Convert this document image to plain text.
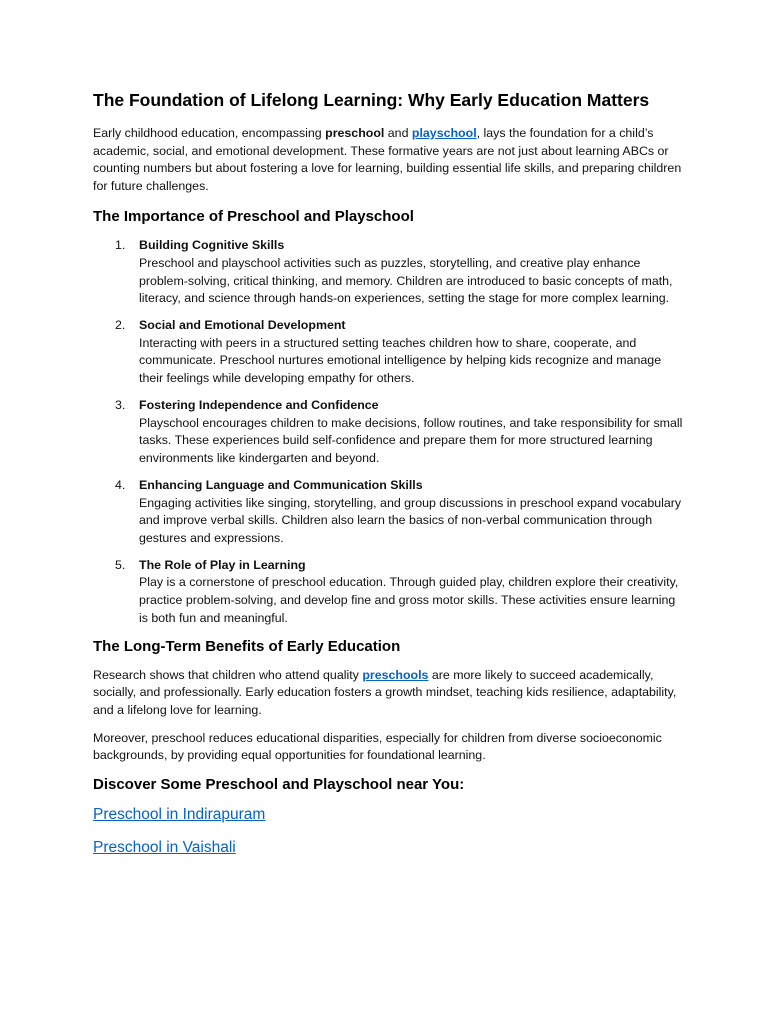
The Foundation of Lifelong Learning: Why Early Education Matters

Early childhood education, encompassing preschool and playschool, lays the foundation for a child’s academic, social, and emotional development. These formative years are not just about learning ABCs or counting numbers but about fostering a love for learning, building essential life skills, and preparing children for future challenges.

The Importance of Preschool and Playschool
1. Building Cognitive Skills
Preschool and playschool activities such as puzzles, storytelling, and creative play enhance problem-solving, critical thinking, and memory. Children are introduced to basic concepts of math, literacy, and science through hands-on experiences, setting the stage for more complex learning.
2. Social and Emotional Development
Interacting with peers in a structured setting teaches children how to share, cooperate, and communicate. Preschool nurtures emotional intelligence by helping kids recognize and manage their feelings while developing empathy for others.
3. Fostering Independence and Confidence
Playschool encourages children to make decisions, follow routines, and take responsibility for small tasks. These experiences build self-confidence and prepare them for more structured learning environments like kindergarten and beyond.
4. Enhancing Language and Communication Skills
Engaging activities like singing, storytelling, and group discussions in preschool expand vocabulary and improve verbal skills. Children also learn the basics of non-verbal communication through gestures and expressions.
5. The Role of Play in Learning
Play is a cornerstone of preschool education. Through guided play, children explore their creativity, practice problem-solving, and develop fine and gross motor skills. These activities ensure learning is both fun and meaningful.
The Long-Term Benefits of Early Education

Research shows that children who attend quality preschools are more likely to succeed academically, socially, and professionally. Early education fosters a growth mindset, teaching kids resilience, adaptability, and a lifelong love for learning.

Moreover, preschool reduces educational disparities, especially for children from diverse socioeconomic backgrounds, by providing equal opportunities for foundational learning.

Discover Some Preschool and Playschool near You:
Preschool in Indirapuram
Preschool in Vaishali
